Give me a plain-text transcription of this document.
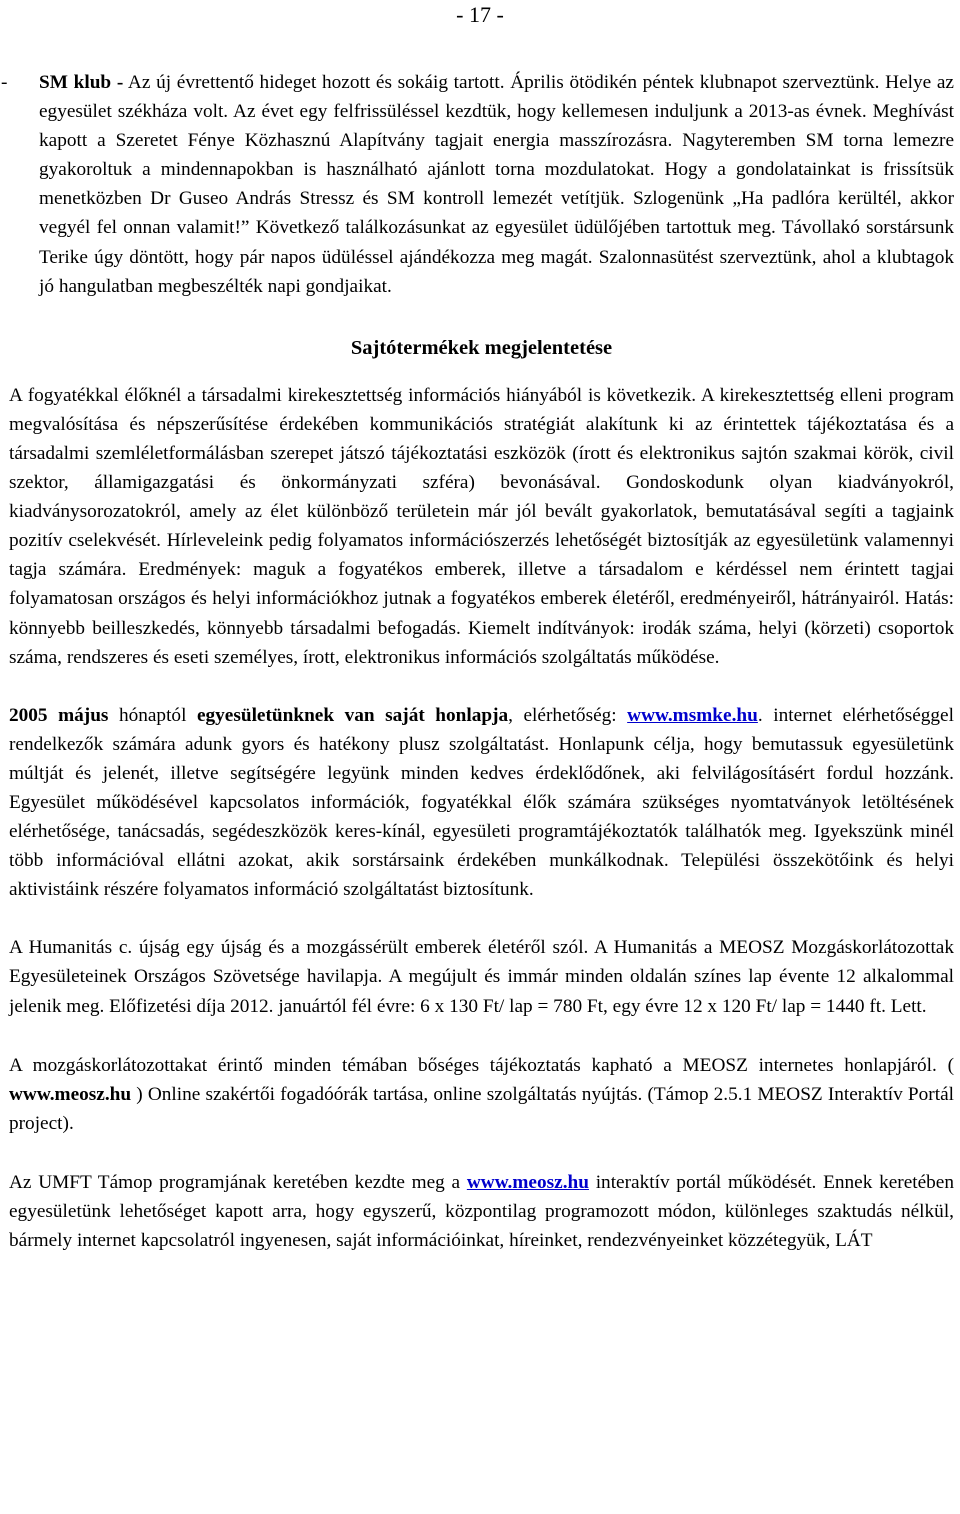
- 17 -

- SM klub - Az új évrettentő hideget hozott és sokáig tartott. Április ötödikén péntek klubnapot szerveztünk. Helye az egyesület székháza volt. Az évet egy felfrissüléssel kezdtük, hogy kellemesen induljunk a 2013-as évnek. Meghívást kapott a Szeretet Fénye Közhasznú Alapítvány tagjait energia masszírozásra. Nagyteremben SM torna lemezre gyakoroltuk a mindennapokban is használható ajánlott torna mozdulatokat. Hogy a gondolatainkat is frissítsük menetközben Dr Guseo András Stressz és SM kontroll lemezét vetítjük. Szlogenünk „Ha padlóra kerültél, akkor vegyél fel onnan valamit!” Következő találkozásunkat az egyesület üdülőjében tartottuk meg. Távollakó sorstársunk Terike úgy döntött, hogy pár napos üdüléssel ajándékozza meg magát. Szalonnasütést szerveztünk, ahol a klubtagok jó hangulatban megbeszélték napi gondjaikat.

Sajtótermékek megjelentetése

A fogyatékkal élőknél a társadalmi kirekesztettség információs hiányából is következik. A kirekesztettség elleni program megvalósítása és népszerűsítése érdekében kommunikációs stratégiát alakítunk ki az érintettek tájékoztatása és a társadalmi szemléletformálásban szerepet játszó tájékoztatási eszközök (írott és elektronikus sajtón szakmai körök, civil szektor, államigazgatási és önkormányzati szféra) bevonásával. Gondoskodunk olyan kiadványokról, kiadványsorozatokról, amely az élet különböző területein már jól bevált gyakorlatok, bemutatásával segíti a tagjaink pozitív cselekvését. Hírleveleink pedig folyamatos információszerzés lehetőségét biztosítják az egyesületünk valamennyi tagja számára. Eredmények: maguk a fogyatékos emberek, illetve a társadalom e kérdéssel nem érintett tagjai folyamatosan országos és helyi információkhoz jutnak a fogyatékos emberek életéről, eredményeiről, hátrányairól. Hatás: könnyebb beilleszkedés, könnyebb társadalmi befogadás. Kiemelt indítványok: irodák száma, helyi (körzeti) csoportok száma, rendszeres és eseti személyes, írott, elektronikus információs szolgáltatás működése.

2005 május hónaptól egyesületünknek van saját honlapja, elérhetőség: www.msmke.hu. internet elérhetőséggel rendelkezők számára adunk gyors és hatékony plusz szolgáltatást. Honlapunk célja, hogy bemutassuk egyesületünk múltját és jelenét, illetve segítségére legyünk minden kedves érdeklődőnek, aki felvilágosításért fordul hozzánk. Egyesület működésével kapcsolatos információk, fogyatékkal élők számára szükséges nyomtatványok letöltésének elérhetősége, tanácsadás, segédeszközök keres-kínál, egyesületi programtájékoztatók találhatók meg. Igyekszünk minél több információval ellátni azokat, akik sorstársaink érdekében munkálkodnak. Települési összekötőink és helyi aktivistáink részére folyamatos információ szolgáltatást biztosítunk.

A Humanitás c. újság egy újság és a mozgássérült emberek életéről szól. A Humanitás a MEOSZ Mozgáskorlátozottak Egyesületeinek Országos Szövetsége havilapja. A megújult és immár minden oldalán színes lap évente 12 alkalommal jelenik meg. Előfizetési díja 2012. januártól fél évre: 6 x 130 Ft/ lap = 780 Ft, egy évre 12 x 120 Ft/ lap = 1440 ft. Lett.

A mozgáskorlátozottakat érintő minden témában bőséges tájékoztatás kapható a MEOSZ internetes honlapjáról. ( www.meosz.hu ) Online szakértői fogadóórák tartása, online szolgáltatás nyújtás. (Támop 2.5.1 MEOSZ Interaktív Portál project).

Az UMFT Támop programjának keretében kezdte meg a www.meosz.hu interaktív portál működését. Ennek keretében egyesületünk lehetőséget kapott arra, hogy egyszerű, központilag programozott módon, különleges szaktudás nélkül, bármely internet kapcsolatról ingyenesen, saját információinkat, híreinket, rendezvényeinket közzétegyük, LÁT
